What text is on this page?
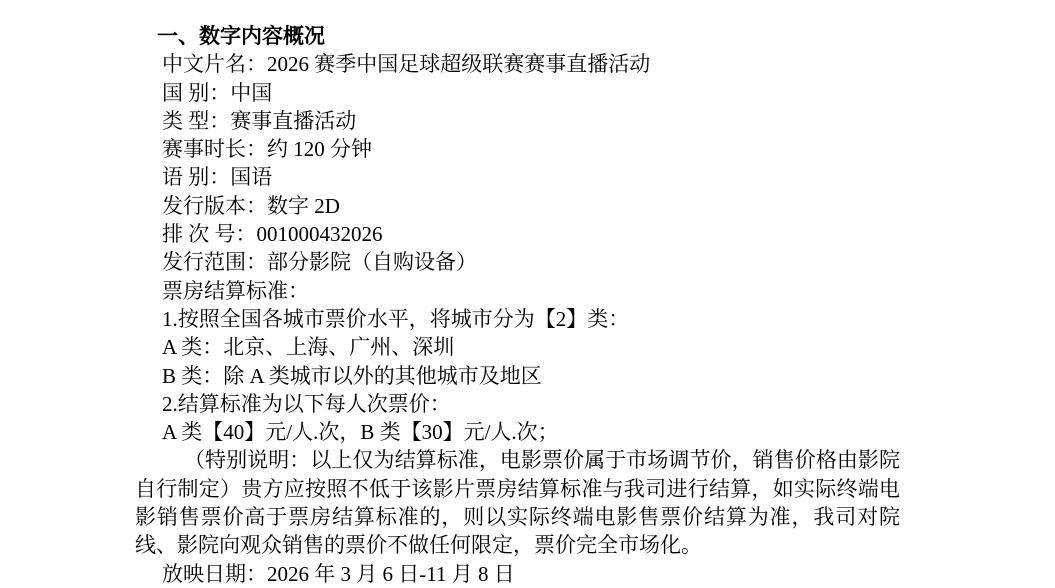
一、数字内容概况
中文片名：2026 赛季中国足球超级联赛赛事直播活动
国 别：中国
类 型：赛事直播活动
赛事时长：约 120 分钟
语 别：国语
发行版本：数字 2D
排 次 号：001000432026
发行范围：部分影院（自购设备）
票房结算标准：
1.按照全国各城市票价水平，将城市分为【2】类：
A 类：北京、上海、广州、深圳
B 类：除 A 类城市以外的其他城市及地区
2.结算标准为以下每人次票价：
A 类【40】元/人.次，B 类【30】元/人.次；
（特别说明：以上仅为结算标准，电影票价属于市场调节价，销售价格由影院自行制定）贵方应按照不低于该影片票房结算标准与我司进行结算，如实际终端电影销售票价高于票房结算标准的，则以实际终端电影售票价结算为准，我司对院线、影院向观众销售的票价不做任何限定，票价完全市场化。
放映日期：2026 年 3 月 6 日-11 月 8 日
